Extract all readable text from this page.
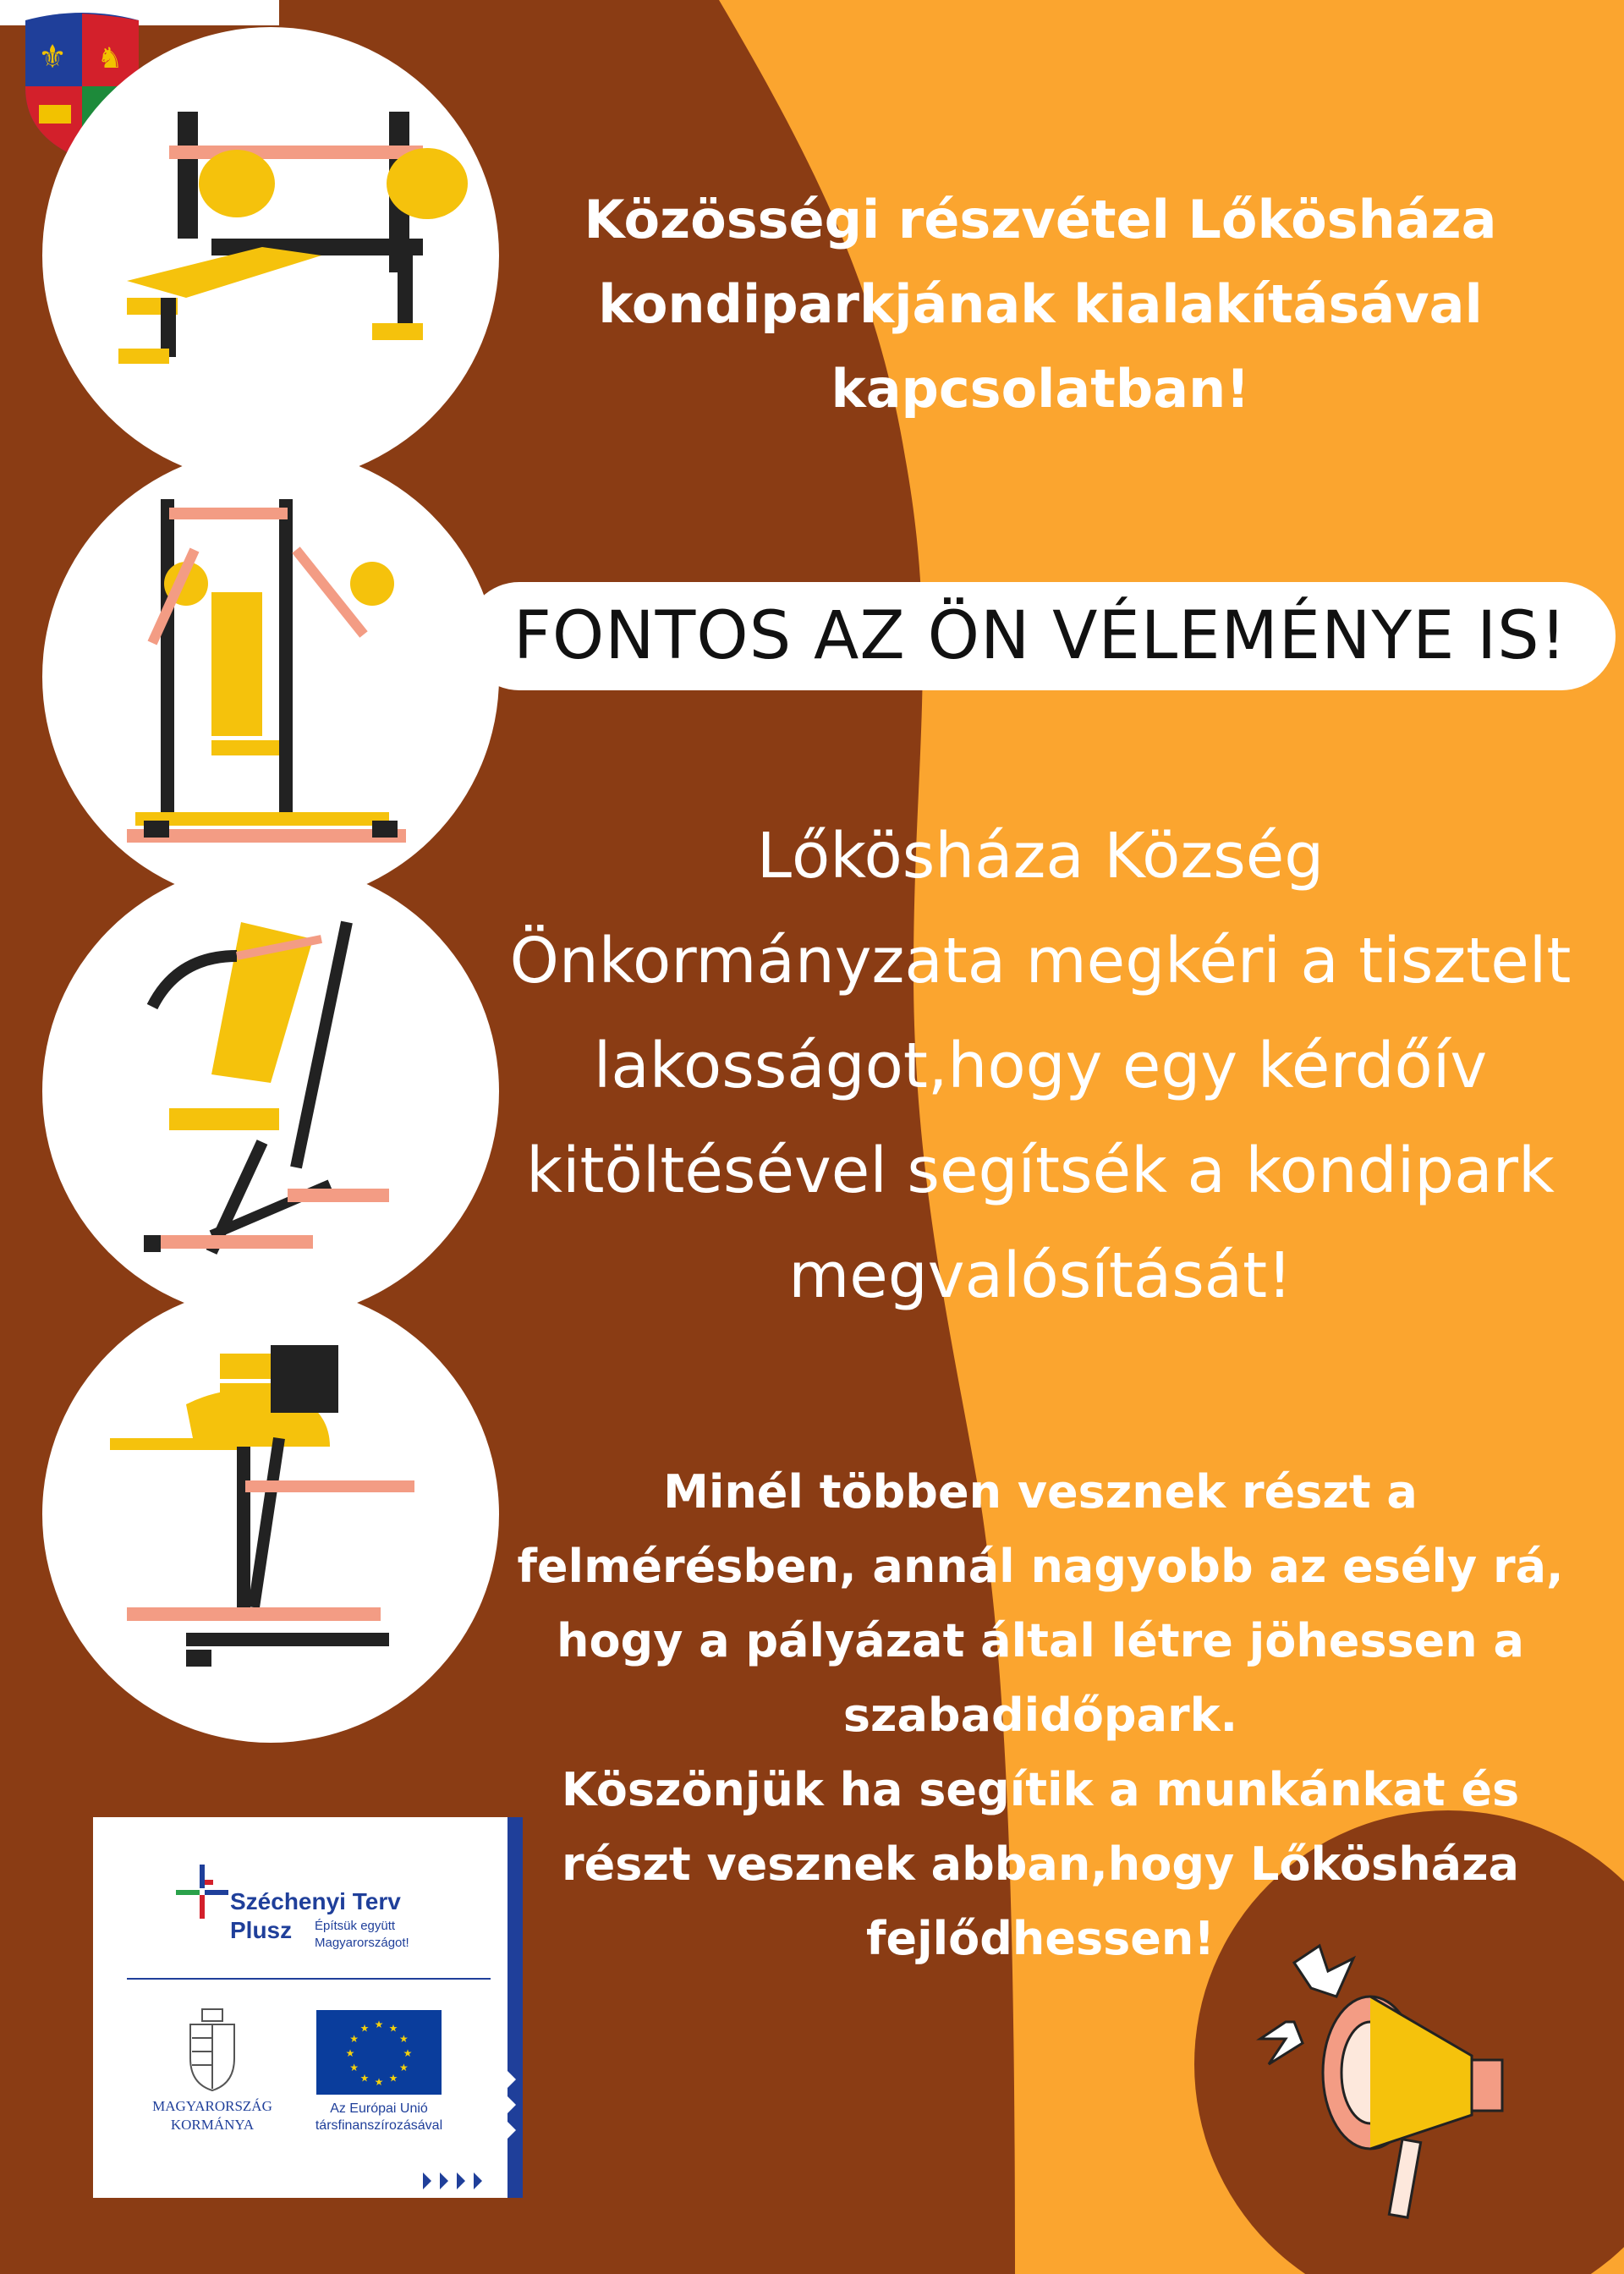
⚜ ♞
Közösségi részvétel Lőkösháza
kondiparkjának kialakításával
kapcsolatban!
FONTOS AZ ÖN VÉLEMÉNYE IS!
Lőkösháza Község
Önkormányzata megkéri a tisztelt
lakosságot,hogy egy kérdőív
kitöltésével segítsék a kondipark
megvalósítását!
Minél többen vesznek részt a
felmérésben, annál nagyobb az esély rá,
hogy a pályázat által létre jöhessen a
szabadidőpark.
Köszönjük ha segítik a munkánkat és
részt vesznek abban,hogy Lőkösháza
fejlődhessen!
Széchenyi Terv
Plusz Építsük együtt
Magyarországot!
MAGYARORSZÁG
KORMÁNYA
★
★
★
★
★
★
★
★
★ ★ ★
★
Az Európai Unió
társfinanszírozásával
